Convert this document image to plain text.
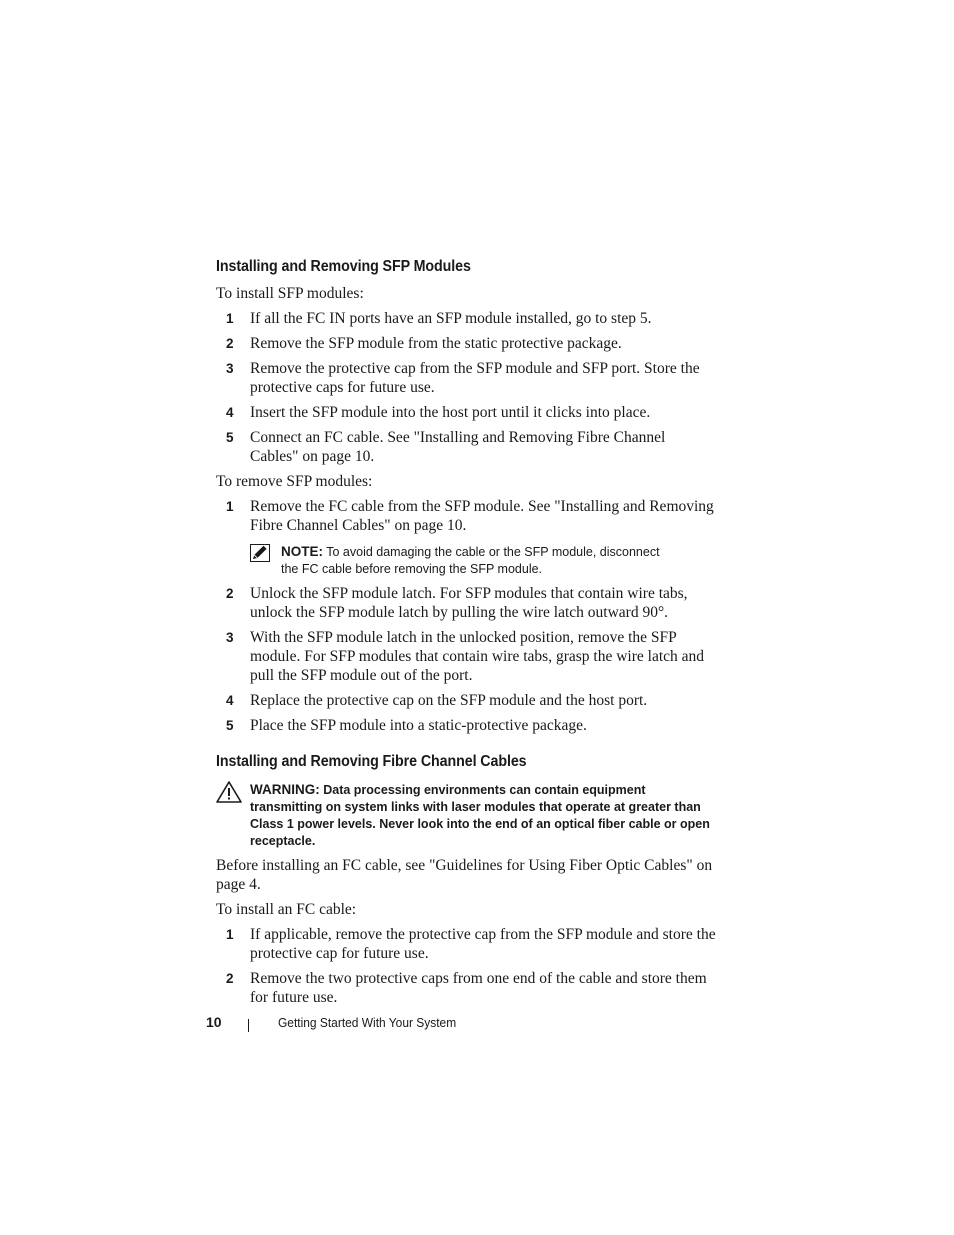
Installing and Removing SFP Modules

To install SFP modules:

1	If all the FC IN ports have an SFP module installed, go to step 5.
2	Remove the SFP module from the static protective package.
3	Remove the protective cap from the SFP module and SFP port. Store the protective caps for future use.
4	Insert the SFP module into the host port until it clicks into place.
5	Connect an FC cable. See "Installing and Removing Fibre Channel Cables" on page 10.

To remove SFP modules:

1	Remove the FC cable from the SFP module. See "Installing and Removing Fibre Channel Cables" on page 10.
NOTE: To avoid damaging the cable or the SFP module, disconnect the FC cable before removing the SFP module.
2	Unlock the SFP module latch. For SFP modules that contain wire tabs, unlock the SFP module latch by pulling the wire latch outward 90°.
3	With the SFP module latch in the unlocked position, remove the SFP module. For SFP modules that contain wire tabs, grasp the wire latch and pull the SFP module out of the port.
4	Replace the protective cap on the SFP module and the host port.
5	Place the SFP module into a static-protective package.
Installing and Removing Fibre Channel Cables
WARNING: Data processing environments can contain equipment transmitting on system links with laser modules that operate at greater than Class 1 power levels. Never look into the end of an optical fiber cable or open receptacle.

Before installing an FC cable, see "Guidelines for Using Fiber Optic Cables" on page 4.

To install an FC cable:

1	If applicable, remove the protective cap from the SFP module and store the protective cap for future use.
2	Remove the two protective caps from one end of the cable and store them for future use.
10	Getting Started With Your System
